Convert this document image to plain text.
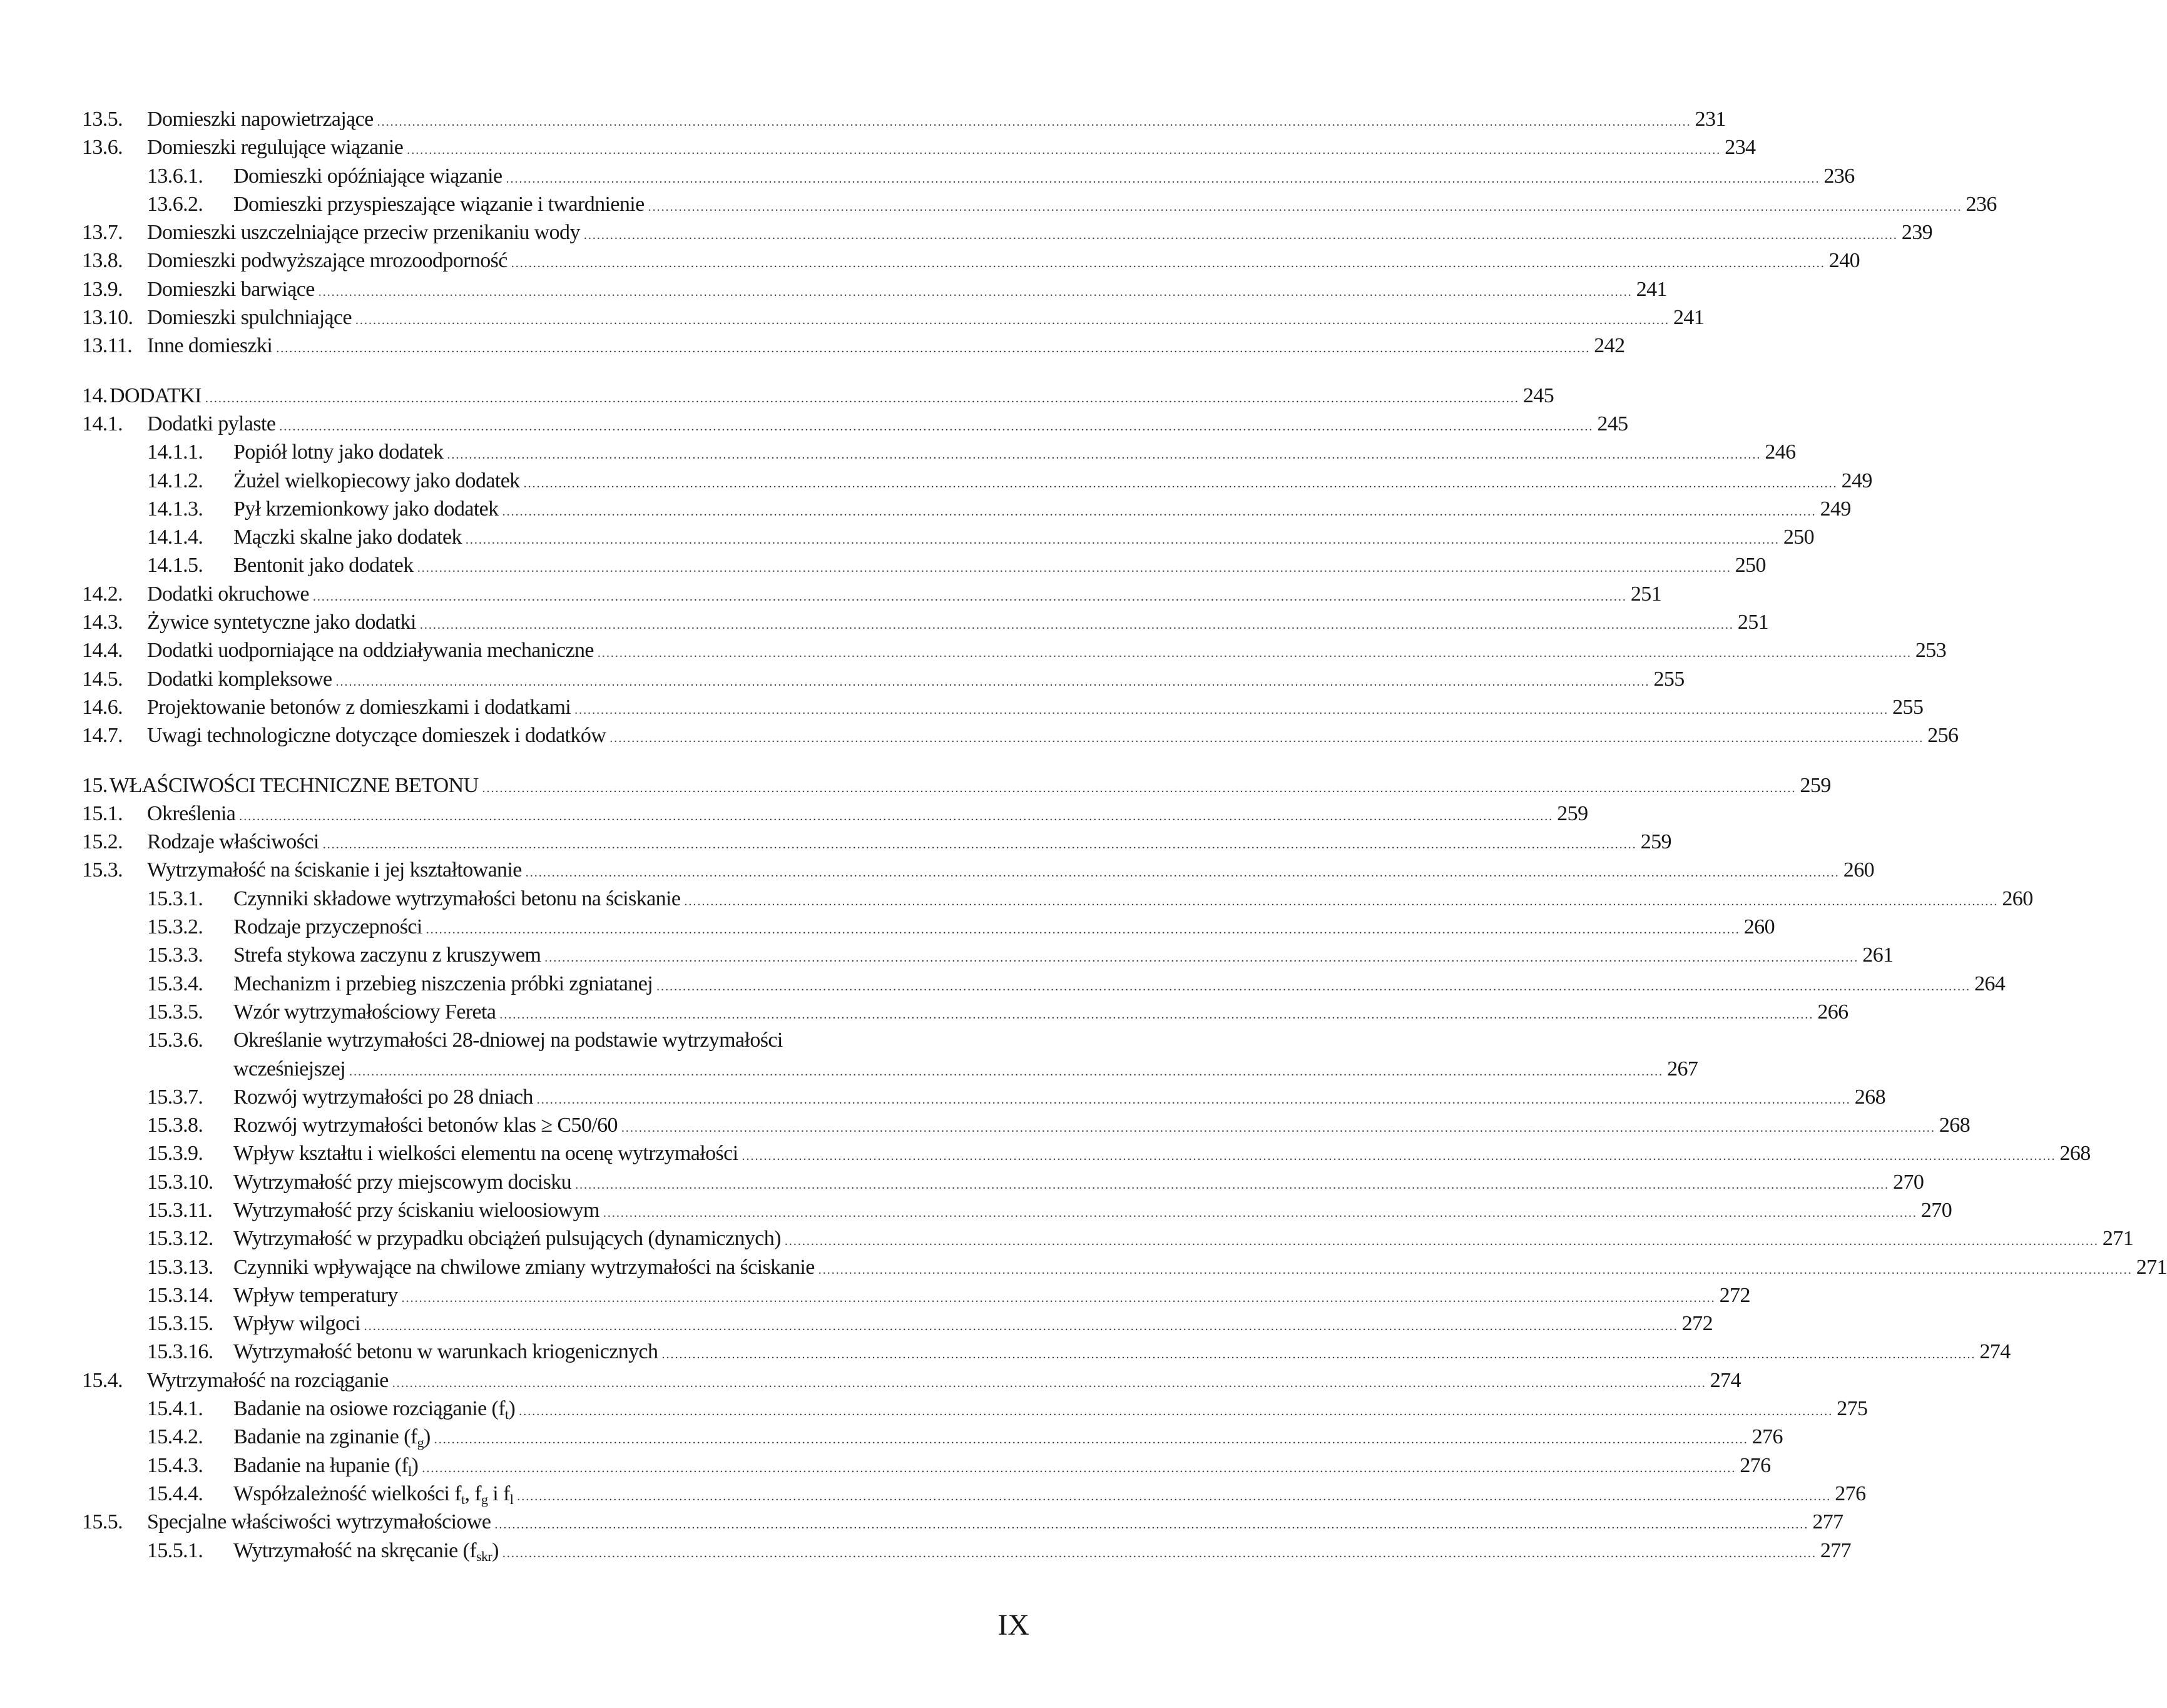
13.5. Domieszki napowietrzające ............................................................................................................................................................................................................................................................................................................ 231
13.6. Domieszki regulujące wiązanie ............................................................................................................................................................................................................................................................................................................ 234
13.6.1. Domieszki opóźniające wiązanie ............................................................................................................................................................................................................................................................................................................ 236
13.6.2. Domieszki przyspieszające wiązanie i twardnienie ............................................................................................................................................................................................................................................................................................................ 236
13.7. Domieszki uszczelniające przeciw przenikaniu wody ............................................................................................................................................................................................................................................................................................................ 239
13.8. Domieszki podwyższające mrozoodporność ............................................................................................................................................................................................................................................................................................................ 240
13.9. Domieszki barwiące ............................................................................................................................................................................................................................................................................................................ 241
13.10. Domieszki spulchniające ............................................................................................................................................................................................................................................................................................................ 241
13.11. Inne domieszki ............................................................................................................................................................................................................................................................................................................ 242
14. DODATKI ............................................................................................................................................................................................................................................................................................................ 245
14.1. Dodatki pylaste ............................................................................................................................................................................................................................................................................................................ 245
14.1.1. Popiół lotny jako dodatek ............................................................................................................................................................................................................................................................................................................ 246
14.1.2. Żużel wielkopiecowy jako dodatek ............................................................................................................................................................................................................................................................................................................ 249
14.1.3. Pył krzemionkowy jako dodatek ............................................................................................................................................................................................................................................................................................................ 249
14.1.4. Mączki skalne jako dodatek ............................................................................................................................................................................................................................................................................................................ 250
14.1.5. Bentonit jako dodatek ............................................................................................................................................................................................................................................................................................................ 250
14.2. Dodatki okruchowe ............................................................................................................................................................................................................................................................................................................ 251
14.3. Żywice syntetyczne jako dodatki ............................................................................................................................................................................................................................................................................................................ 251
14.4. Dodatki uodporniające na oddziaływania mechaniczne ............................................................................................................................................................................................................................................................................................................ 253
14.5. Dodatki kompleksowe ............................................................................................................................................................................................................................................................................................................ 255
14.6. Projektowanie betonów z domieszkami i dodatkami ............................................................................................................................................................................................................................................................................................................ 255
14.7. Uwagi technologiczne dotyczące domieszek i dodatków ............................................................................................................................................................................................................................................................................................................ 256
15. WŁAŚCIWOŚCI TECHNICZNE BETONU ............................................................................................................................................................................................................................................................................................................ 259
15.1. Określenia ............................................................................................................................................................................................................................................................................................................ 259
15.2. Rodzaje właściwości ............................................................................................................................................................................................................................................................................................................ 259
15.3. Wytrzymałość na ściskanie i jej kształtowanie ............................................................................................................................................................................................................................................................................................................ 260
15.3.1. Czynniki składowe wytrzymałości betonu na ściskanie ............................................................................................................................................................................................................................................................................................................ 260
15.3.2. Rodzaje przyczepności ............................................................................................................................................................................................................................................................................................................ 260
15.3.3. Strefa stykowa zaczynu z kruszywem ............................................................................................................................................................................................................................................................................................................ 261
15.3.4. Mechanizm i przebieg niszczenia próbki zgniatanej ............................................................................................................................................................................................................................................................................................................ 264
15.3.5. Wzór wytrzymałościowy Fereta ............................................................................................................................................................................................................................................................................................................ 266
15.3.6. Określanie wytrzymałości 28-dniowej na podstawie wytrzymałości
wcześniejszej ............................................................................................................................................................................................................................................................................................................ 267
15.3.7. Rozwój wytrzymałości po 28 dniach ............................................................................................................................................................................................................................................................................................................ 268
15.3.8. Rozwój wytrzymałości betonów klas ≥ C50/60 ............................................................................................................................................................................................................................................................................................................ 268
15.3.9. Wpływ kształtu i wielkości elementu na ocenę wytrzymałości ............................................................................................................................................................................................................................................................................................................ 268
15.3.10. Wytrzymałość przy miejscowym docisku ............................................................................................................................................................................................................................................................................................................ 270
15.3.11. Wytrzymałość przy ściskaniu wieloosiowym ............................................................................................................................................................................................................................................................................................................ 270
15.3.12. Wytrzymałość w przypadku obciążeń pulsujących (dynamicznych) ............................................................................................................................................................................................................................................................................................................ 271
15.3.13. Czynniki wpływające na chwilowe zmiany wytrzymałości na ściskanie ............................................................................................................................................................................................................................................................................................................ 271
15.3.14. Wpływ temperatury ............................................................................................................................................................................................................................................................................................................ 272
15.3.15. Wpływ wilgoci ............................................................................................................................................................................................................................................................................................................ 272
15.3.16. Wytrzymałość betonu w warunkach kriogenicznych ............................................................................................................................................................................................................................................................................................................ 274
15.4. Wytrzymałość na rozciąganie ............................................................................................................................................................................................................................................................................................................ 274
15.4.1. Badanie na osiowe rozciąganie $(f_t)$ ............................................................................................................................................................................................................................................................................................................ 275
15.4.2. Badanie na zginanie $(f_g)$ ............................................................................................................................................................................................................................................................................................................ 276
15.4.3. Badanie na łupanie $(f_l)$ ............................................................................................................................................................................................................................................................................................................ 276
15.4.4. Współzależność wielkości $f_t$, $f_g$ i $f_l$ ............................................................................................................................................................................................................................................................................................................ 276
15.5. Specjalne właściwości wytrzymałościowe ............................................................................................................................................................................................................................................................................................................ 277
15.5.1. Wytrzymałość na skręcanie $(f_{skr})$ ............................................................................................................................................................................................................................................................................................................ 277
IX
